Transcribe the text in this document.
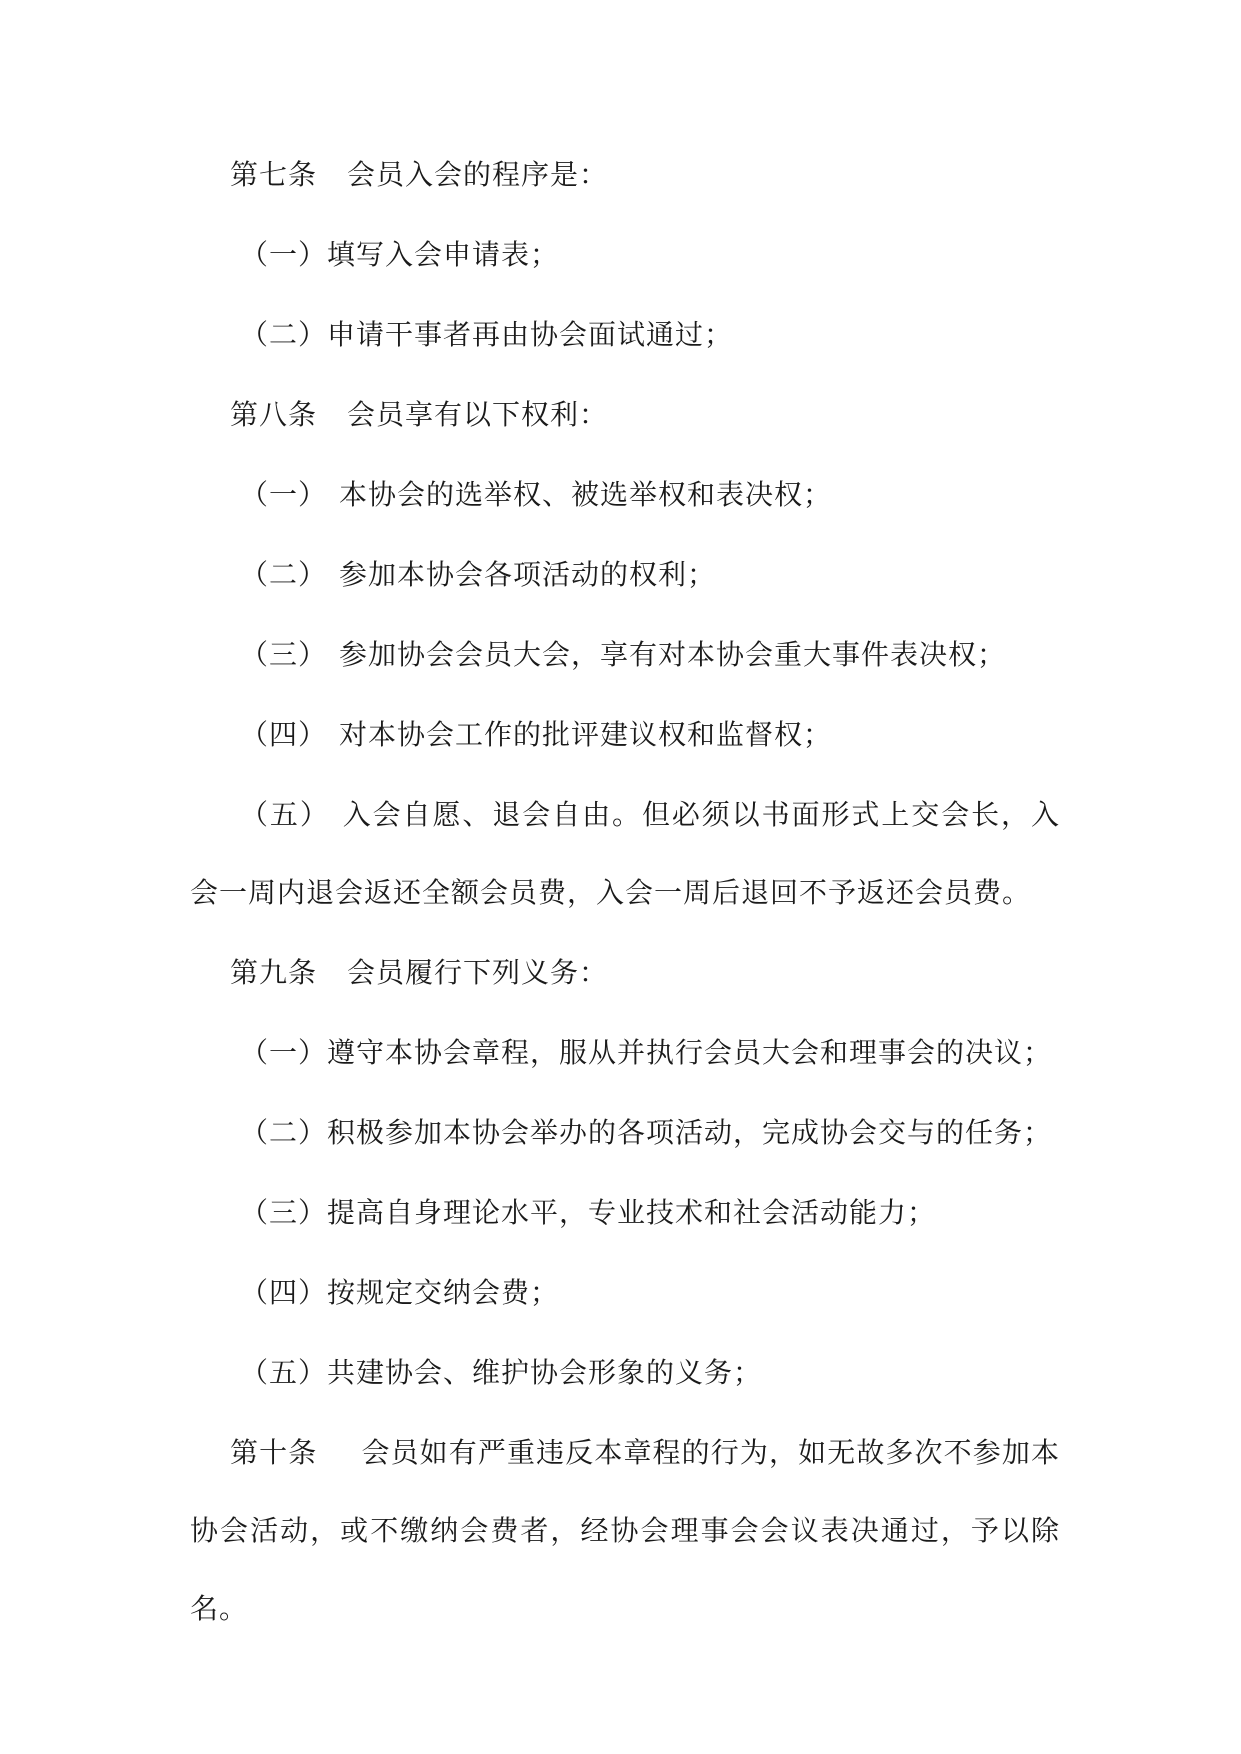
第七条 会员入会的程序是：

（一）填写入会申请表；

（二）申请干事者再由协会面试通过；

第八条 会员享有以下权利：

（一） 本协会的选举权、被选举权和表决权；

（二） 参加本协会各项活动的权利；

（三） 参加协会会员大会，享有对本协会重大事件表决权；

（四） 对本协会工作的批评建议权和监督权；

（五） 入会自愿、退会自由。但必须以书面形式上交会长，入会一周内退会返还全额会员费，入会一周后退回不予返还会员费。

第九条 会员履行下列义务：

（一）遵守本协会章程，服从并执行会员大会和理事会的决议；

（二）积极参加本协会举办的各项活动，完成协会交与的任务；

（三）提高自身理论水平，专业技术和社会活动能力；

（四）按规定交纳会费；

（五）共建协会、维护协会形象的义务；

第十条 会员如有严重违反本章程的行为，如无故多次不参加本协会活动，或不缴纳会费者，经协会理事会会议表决通过，予以除名。
